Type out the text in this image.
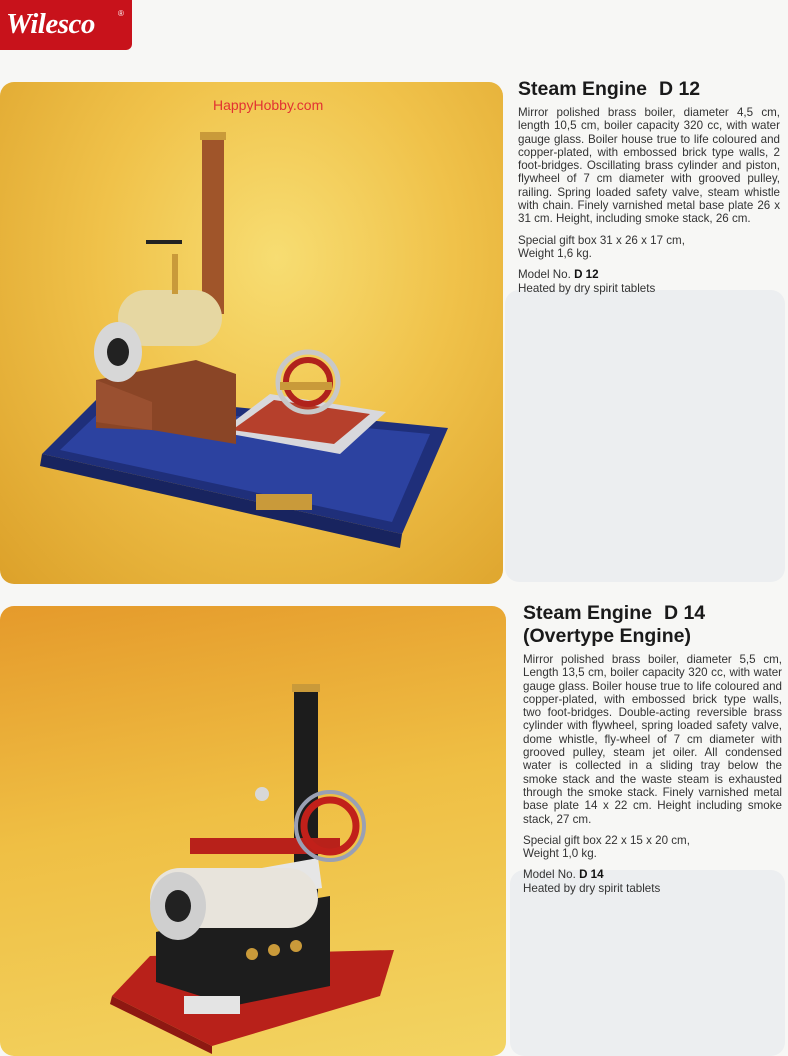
Wilesco	®
HappyHobby.com
Steam Engine D 12

Mirror polished brass boiler, diameter 4,5 cm, length 10,5 cm, boiler capacity 320 cc, with water gauge glass. Boiler house true to life coloured and copper-plated, with embossed brick type walls, 2 foot-bridges. Oscillating brass cylinder and piston, flywheel of 7 cm diameter with grooved pulley, railing. Spring loaded safety valve, steam whistle with chain. Finely varnished metal base plate 26 x 31 cm. Height, including smoke stack, 26 cm.

Special gift box 31 x 26 x 17 cm,
Weight 1,6 kg.

Model No. D 12
Heated by dry spirit tablets

Steam Engine D 14
(Overtype Engine)

Mirror polished brass boiler, diameter 5,5 cm, Length 13,5 cm, boiler capacity 320 cc, with water gauge glass. Boiler house true to life coloured and copper-plated, with embossed brick type walls, two foot-bridges. Double-acting reversible brass cylinder with flywheel, spring loaded safety valve, dome whistle, fly-wheel of 7 cm diameter with grooved pulley, steam jet oiler. All condensed water is collected in a sliding tray below the smoke stack and the waste steam is exhausted through the smoke stack. Finely varnished metal base plate 14 x 22 cm. Height including smoke stack, 27 cm.

Special gift box 22 x 15 x 20 cm,
Weight 1,0 kg.

Model No. D 14
Heated by dry spirit tablets
